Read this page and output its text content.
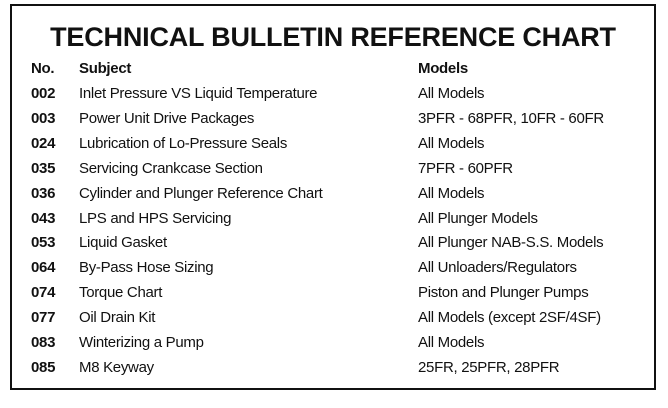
TECHNICAL BULLETIN REFERENCE CHART
No. Subject	Models
002 Inlet Pressure VS Liquid Temperature	All Models
003 Power Unit Drive Packages	3PFR - 68PFR, 10FR - 60FR
024 Lubrication of Lo-Pressure Seals	All Models
035 Servicing Crankcase Section	7PFR - 60PFR
036 Cylinder and Plunger Reference Chart	All Models
043 LPS and HPS Servicing	All Plunger Models
053 Liquid Gasket	All Plunger NAB-S.S. Models
064 By-Pass Hose Sizing	All Unloaders/Regulators
074 Torque Chart	Piston and Plunger Pumps
077 Oil Drain Kit	All Models (except 2SF/4SF)
083 Winterizing a Pump	All Models
085 M8 Keyway	25FR, 25PFR, 28PFR
